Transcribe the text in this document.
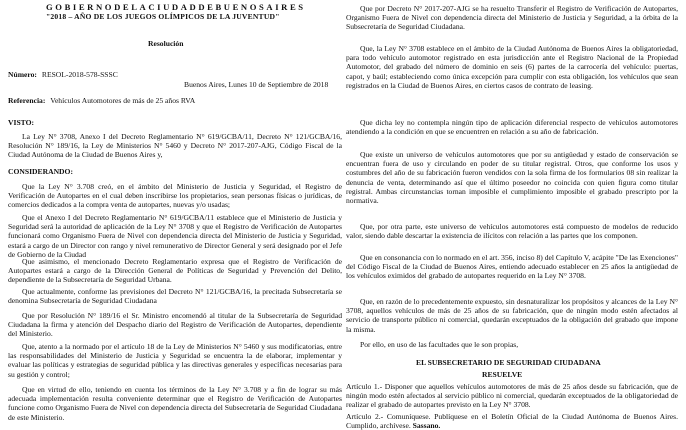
GOBIERNODELACIUDADDEBUENOSAIRES
"2018 – AÑO DE LOS JUEGOS OLÍMPICOS DE LA JUVENTUD"
Resolución
Número: RESOL-2018-578-SSSC
Buenos Aires, Lunes 10 de Septiembre de 2018
Referencia: Vehículos Automotores de más de 25 años RVA
VISTO:

La Ley N° 3708, Anexo I del Decreto Reglamentario N° 619/GCBA/11, Decreto N° 121/GCBA/16, Resolución N° 189/16, la Ley de Ministerios N° 5460 y Decreto N° 2017-207-AJG, Código Fiscal de la Ciudad Autónoma de la Ciudad de Buenos Aires y,

CONSIDERANDO:

Que la Ley N° 3.708 creó, en el ámbito del Ministerio de Justicia y Seguridad, el Registro de Verificación de Autopartes en el cual deben inscribirse los propietarios, sean personas físicas o jurídicas, de comercios dedicados a la compra venta de autopartes, nuevas y/o usadas;

Que el Anexo I del Decreto Reglamentario N° 619/GCBA/11 establece que el Ministerio de Justicia y Seguridad será la autoridad de aplicación de la Ley N° 3708 y que el Registro de Verificación de Autopartes funcionará como Organismo Fuera de Nivel con dependencia directa del Ministerio de Justicia y Seguridad, estará a cargo de un Director con rango y nivel remunerativo de Director General y será designado por el Jefe de Gobierno de la Ciudad

Que asimismo, el mencionado Decreto Reglamentario expresa que el Registro de Verificación de Autopartes estará a cargo de la Dirección General de Políticas de Seguridad y Prevención del Delito, dependiente de la Subsecretaría de Seguridad Urbana.

Que actualmente, conforme las previsiones del Decreto N° 121/GCBA/16, la precitada Subsecretaría se denomina Subsecretaría de Seguridad Ciudadana

Que por Resolución N° 189/16 el Sr. Ministro encomendó al titular de la Subsecretaría de Seguridad Ciudadana la firma y atención del Despacho diario del Registro de Verificación de Autopartes, dependiente del Ministerio.

Que, atento a la normado por el artículo 18 de la Ley de Ministerios N° 5460 y sus modificatorias, entre las responsabilidades del Ministerio de Justicia y Seguridad se encuentra la de elaborar, implementar y evaluar las políticas y estrategias de seguridad pública y las directivas generales y específicas necesarias para su gestión y control;

Que en virtud de ello, teniendo en cuenta los términos de la Ley N° 3.708 y a fin de lograr su más adecuada implementación resulta conveniente determinar que el Registro de Verificación de Autopartes funcione como Organismo Fuera de Nivel con dependencia directa del Subsecretaría de Seguridad Ciudadana de este Ministerio.

Que por Decreto N° 2017-207-AJG se ha resuelto Transferir el Registro de Verificación de Autopartes, Organismo Fuera de Nivel con dependencia directa del Ministerio de Justicia y Seguridad, a la órbita de la Subsecretaría de Seguridad Ciudadana.

Que, la Ley N° 3708 establece en el ámbito de la Ciudad Autónoma de Buenos Aires la obligatoriedad, para todo vehículo automotor registrado en esta jurisdicción ante el Registro Nacional de la Propiedad Automotor, del grabado del número de dominio en seis (6) partes de la carrocería del vehículo: puertas, capot, y baúl; estableciendo como única excepción para cumplir con esta obligación, los vehículos que sean registrados en la Ciudad de Buenos Aires, en ciertos casos de contrato de leasing.

Que dicha ley no contempla ningún tipo de aplicación diferencial respecto de vehículos automotores atendiendo a la condición en que se encuentren en relación a su año de fabricación.

Que existe un universo de vehículos automotores que por su antigüedad y estado de conservación se encuentran fuera de uso y circulando en poder de su titular registral. Otros, que conforme los usos y costumbres del año de su fabricación fueron vendidos con la sola firma de los formularios 08 sin realizar la denuncia de venta, determinando así que el último poseedor no coincida con quien figura como titular registral. Ambas circunstancias tornan imposible el cumplimiento imposible el grabado prescripto por la normativa.

Que, por otra parte, este universo de vehículos automotores está compuesto de modelos de reducido valor, siendo dable descartar la existencia de ilícitos con relación a las partes que los componen.

Que en consonancia con lo normado en el art. 356, inciso 8) del Capítulo V, acápite "De las Exenciones" del Código Fiscal de la Ciudad de Buenos Aires, entiendo adecuado establecer en 25 años la antigüedad de los vehículos eximidos del grabado de autopartes requerido en la Ley N° 3708.

Que, en razón de lo precedentemente expuesto, sin desnaturalizar los propósitos y alcances de la Ley N° 3708, aquellos vehículos de más de 25 años de su fabricación, que de ningún modo estén afectados al servicio de transporte público ni comercial, quedarán exceptuados de la obligación del grabado que impone la misma.

Por ello, en uso de las facultades que le son propias,

EL SUBSECRETARIO DE SEGURIDAD CIUDADANA
RESUELVE

Artículo 1.- Disponer que aquellos vehículos automotores de más de 25 años desde su fabricación, que de ningún modo estén afectados al servicio público ni comercial, quedarán exceptuados de la obligatoriedad de realizar el grabado de autopartes previsto en la Ley N° 3708.

Artículo 2.- Comuníquese. Publíquese en el Boletín Oficial de la Ciudad Autónoma de Buenos Aires. Cumplido, archívese. Sassano.
